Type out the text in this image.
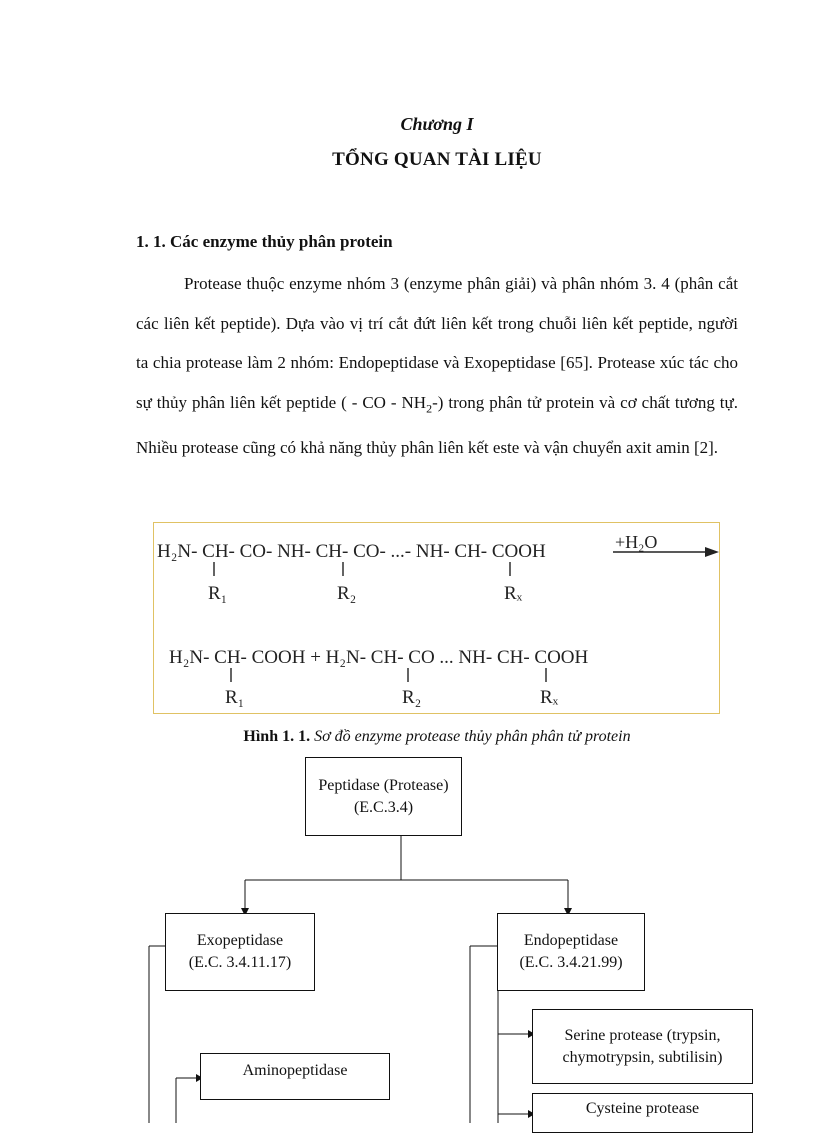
Chương I
TỔNG QUAN TÀI LIỆU
1. 1. Các enzyme thủy phân protein

Protease thuộc enzyme nhóm 3 (enzyme phân giải) và phân nhóm 3. 4 (phân cắt các liên kết peptide). Dựa vào vị trí cắt đứt liên kết trong chuỗi liên kết peptide, người ta chia protease làm 2 nhóm: Endopeptidase và Exopeptidase [65]. Protease xúc tác cho sự thủy phân liên kết peptide ( - CO - $NH_2-$) trong phân tử protein và cơ chất tương tự. Nhiều protease cũng có khả năng thủy phân liên kết este và vận chuyển axit amin [2].

H₂N- CH- CO- NH- CH- CO- ...- NH- CH- COOH	+H₂O
R₁	R₂	Rₓ
H₂N- CH- COOH + H₂N- CH- CO ... NH- CH- COOH
R₁	R₂	Rₓ
Hình 1. 1. Sơ đồ enzyme protease thủy phân phân tử protein
Peptidase (Protease)
(E.C.3.4)
Exopeptidase
(E.C. 3.4.11.17)
Endopeptidase
(E.C. 3.4.21.99)
Aminopeptidase
Serine protease (trypsin,
chymotrypsin, subtilisin)
Cysteine protease
